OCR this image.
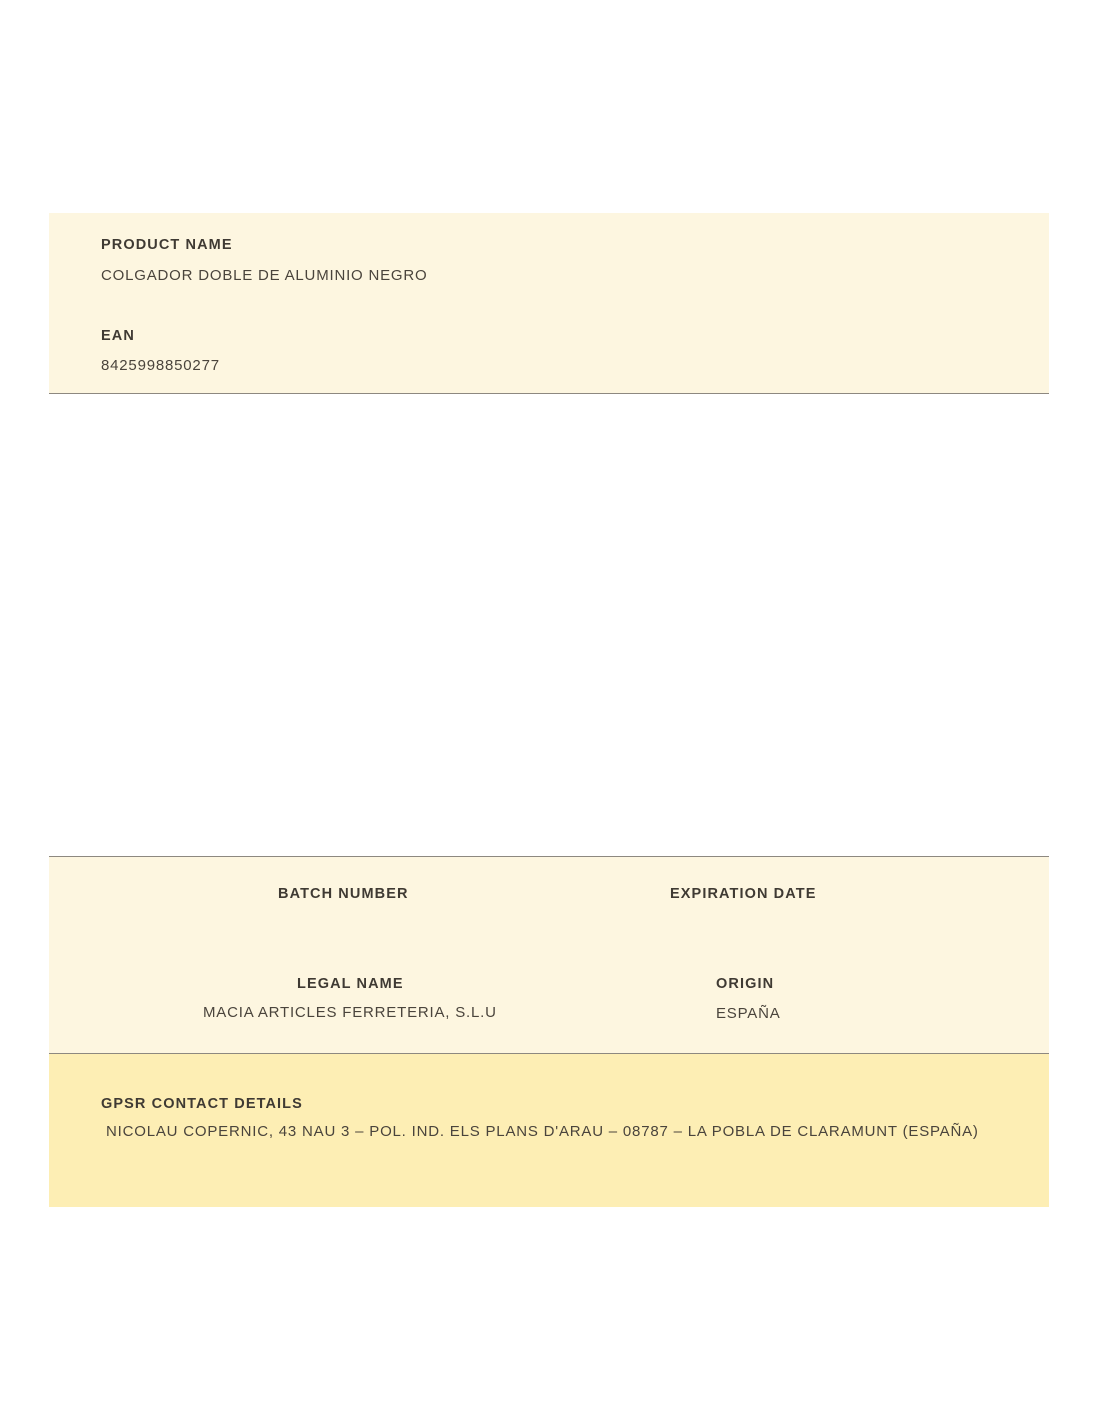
PRODUCT NAME
COLGADOR DOBLE DE ALUMINIO NEGRO
EAN
8425998850277
BATCH NUMBER	EXPIRATION DATE
LEGAL NAME
MACIA ARTICLES FERRETERIA, S.L.U
ORIGIN
ESPAÑA
GPSR CONTACT DETAILS
NICOLAU COPERNIC, 43 NAU 3 – POL. IND. ELS PLANS D'ARAU – 08787 – LA POBLA DE CLARAMUNT (ESPAÑA)
